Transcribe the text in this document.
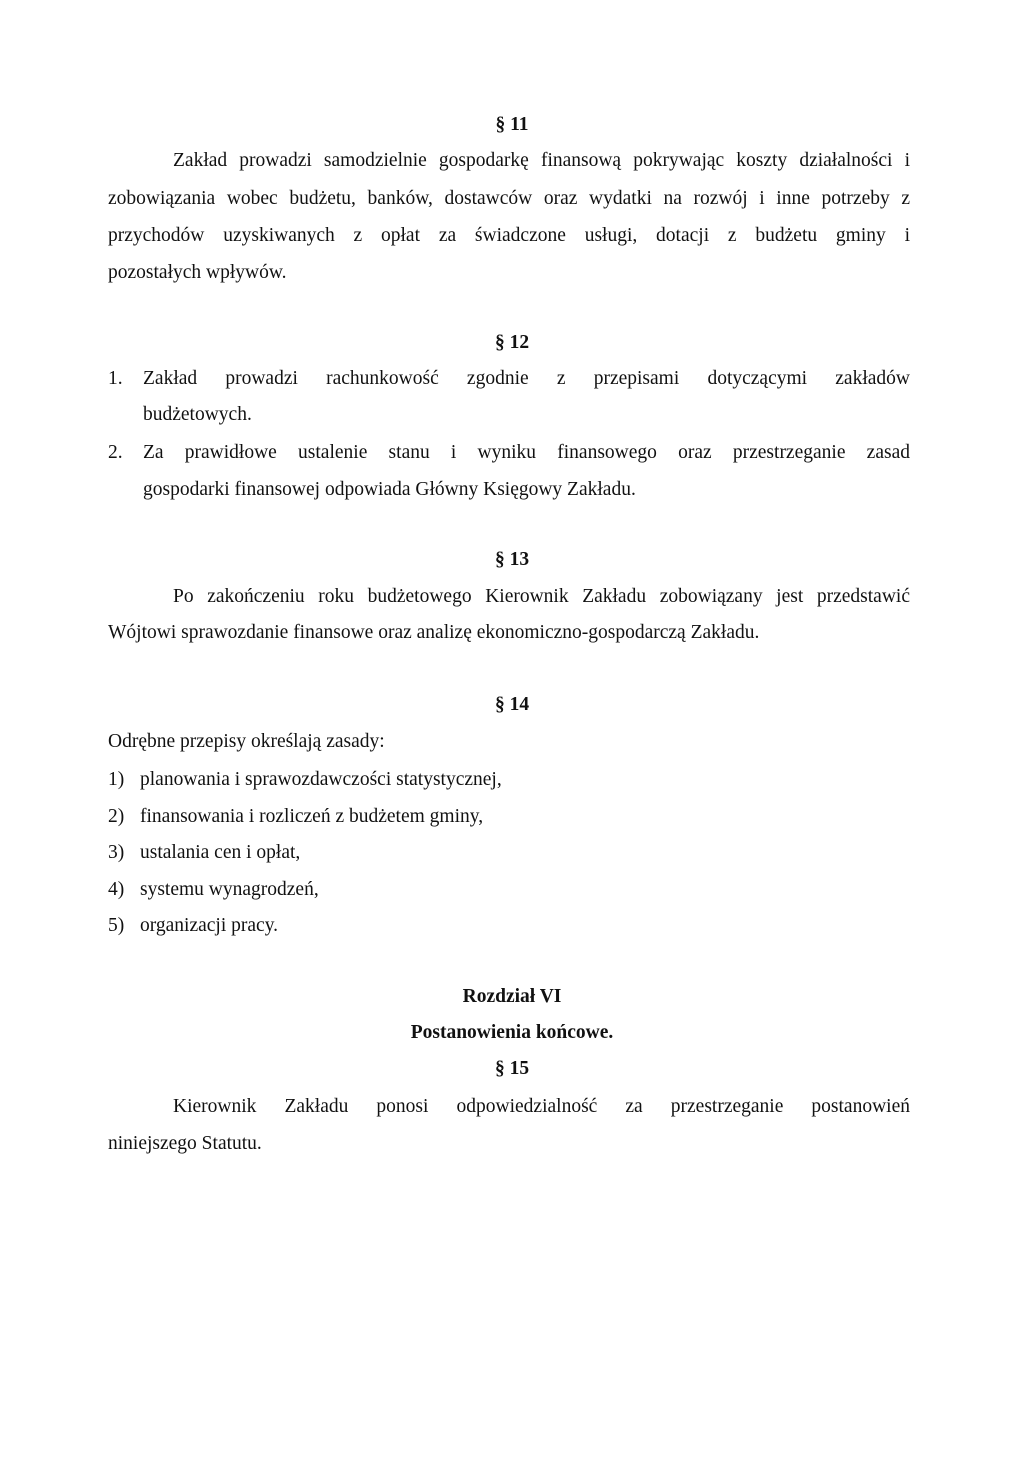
§ 11
Zakład prowadzi samodzielnie gospodarkę finansową pokrywając koszty działalności i
zobowiązania wobec budżetu, banków, dostawców oraz wydatki na rozwój i inne potrzeby z
przychodów uzyskiwanych z opłat za świadczone usługi, dotacji z budżetu gminy i
pozostałych wpływów.
§ 12
1. Zakład prowadzi rachunkowość zgodnie z przepisami dotyczącymi zakładów
budżetowych.
2. Za prawidłowe ustalenie stanu i wyniku finansowego oraz przestrzeganie zasad
gospodarki finansowej odpowiada Główny Księgowy Zakładu.
§ 13
Po zakończeniu roku budżetowego Kierownik Zakładu zobowiązany jest przedstawić
Wójtowi sprawozdanie finansowe oraz analizę ekonomiczno-gospodarczą Zakładu.
§ 14
Odrębne przepisy określają zasady:
1) planowania i sprawozdawczości statystycznej,
2) finansowania i rozliczeń z budżetem gminy,
3) ustalania cen i opłat,
4) systemu wynagrodzeń,
5) organizacji pracy.
Rozdział VI
Postanowienia końcowe.
§ 15
Kierownik Zakładu ponosi odpowiedzialność za przestrzeganie postanowień
niniejszego Statutu.
